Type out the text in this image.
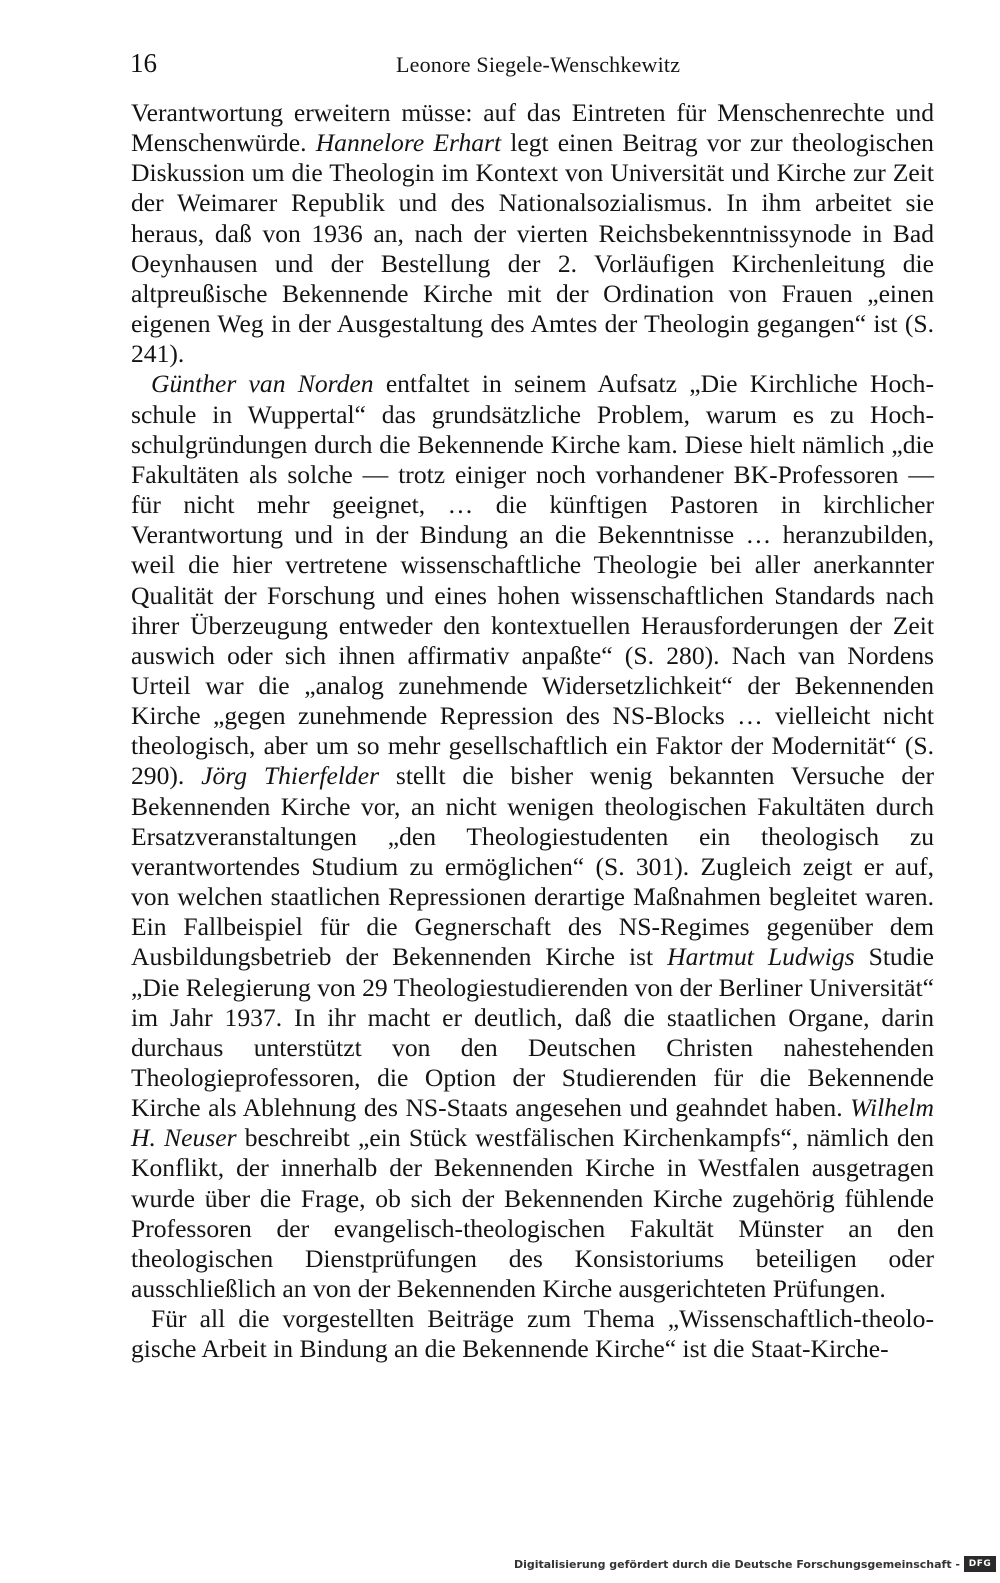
16	Leonore Siegele-Wenschkewitz

Verantwortung erweitern müsse: auf das Eintreten für Menschenrechte und Menschenwürde. Hannelore Erhart legt einen Beitrag vor zur theologischen Diskussion um die Theologin im Kontext von Universität und Kirche zur Zeit der Weimarer Republik und des Nationalsozialismus. In ihm arbeitet sie heraus, daß von 1936 an, nach der vierten Reichsbekenntnissynode in Bad Oeynhausen und der Bestellung der 2. Vorläufigen Kirchenleitung die altpreußische Bekennende Kirche mit der Ordination von Frauen „einen eigenen Weg in der Ausgestaltung des Amtes der Theologin gegangen“ ist (S. 241).

Günther van Norden entfaltet in seinem Aufsatz „Die Kirchliche Hochschule in Wuppertal“ das grundsätzliche Problem, warum es zu Hochschulgründungen durch die Bekennende Kirche kam. Diese hielt nämlich „die Fakultäten als solche — trotz einiger noch vorhandener BK-Professoren — für nicht mehr geeignet, … die künftigen Pastoren in kirchlicher Verantwortung und in der Bindung an die Bekenntnisse … heranzubilden, weil die hier vertretene wissenschaftliche Theologie bei aller anerkannter Qualität der Forschung und eines hohen wissenschaftlichen Standards nach ihrer Überzeugung entweder den kontextuellen Herausforderungen der Zeit auswich oder sich ihnen affirmativ anpaßte“ (S. 280). Nach van Nordens Urteil war die „analog zunehmende Widersetzlichkeit“ der Bekennenden Kirche „gegen zunehmende Repression des NS-Blocks … vielleicht nicht theologisch, aber um so mehr gesellschaftlich ein Faktor der Modernität“ (S. 290). Jörg Thierfelder stellt die bisher wenig bekannten Versuche der Bekennenden Kirche vor, an nicht wenigen theologischen Fakultäten durch Ersatzveranstaltungen „den Theologiestudenten ein theologisch zu verantwortendes Studium zu ermöglichen“ (S. 301). Zugleich zeigt er auf, von welchen staatlichen Repressionen derartige Maßnahmen begleitet waren. Ein Fallbeispiel für die Gegnerschaft des NS-Regimes gegenüber dem Ausbildungsbetrieb der Bekennenden Kirche ist Hartmut Ludwigs Studie „Die Relegierung von 29 Theologiestudierenden von der Berliner Universität“ im Jahr 1937. In ihr macht er deutlich, daß die staatlichen Organe, darin durchaus unterstützt von den Deutschen Christen nahestehenden Theologieprofessoren, die Option der Studierenden für die Bekennende Kirche als Ablehnung des NS-Staats angesehen und geahndet haben. Wilhelm H. Neuser beschreibt „ein Stück westfälischen Kirchenkampfs“, nämlich den Konflikt, der innerhalb der Bekennenden Kirche in Westfalen ausgetragen wurde über die Frage, ob sich der Bekennenden Kirche zugehörig fühlende Professoren der evangelisch-theologischen Fakultät Münster an den theologischen Dienstprüfungen des Konsistoriums beteiligen oder ausschließlich an von der Bekennenden Kirche ausgerichteten Prüfungen.

Für all die vorgestellten Beiträge zum Thema „Wissenschaftlich-theologische Arbeit in Bindung an die Bekennende Kirche“ ist die Staat-Kirche-

Digitalisierung gefördert durch die Deutsche Forschungsgemeinschaft - DFG
